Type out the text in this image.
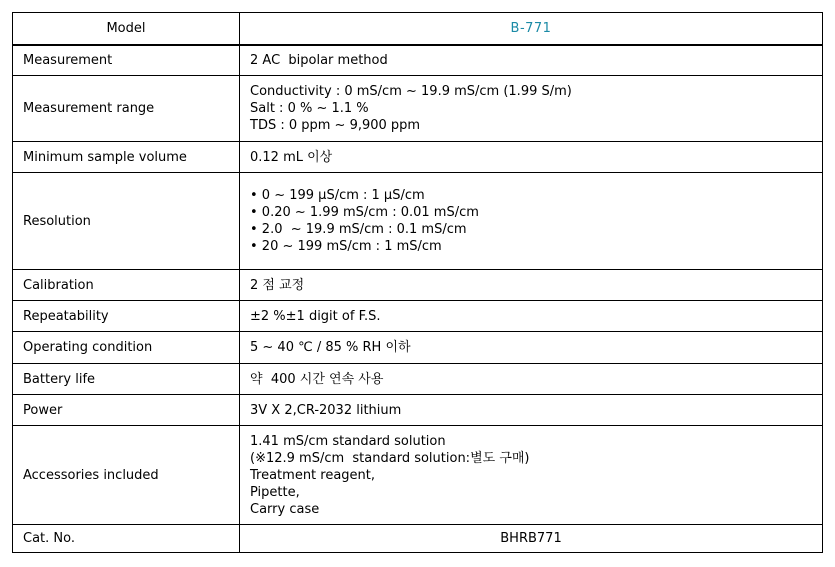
Model	B-771
Measurement	2 AC  bipolar method

Measurement range	Conductivity : 0 mS/cm ~ 19.9 mS/cm (1.99 S/m)
Salt : 0 % ~ 1.1 %
TDS : 0 ppm ~ 9,900 ppm

Minimum sample volume	0.12 mL 이상

Resolution	• 0 ~ 199 μS/cm : 1 μS/cm
• 0.20 ~ 1.99 mS/cm : 0.01 mS/cm
• 2.0  ~ 19.9 mS/cm : 0.1 mS/cm
• 20 ~ 199 mS/cm : 1 mS/cm

Calibration	2 점 교정

Repeatability	±2 %±1 digit of F.S.

Operating condition	5 ~ 40 ℃ / 85 % RH 이하

Battery life	약  400 시간 연속 사용

Power	3V X 2,CR-2032 lithium

Accessories included	1.41 mS/cm standard solution
(※12.9 mS/cm  standard solution:별도 구매)
Treatment reagent,
Pipette,
Carry case

Cat. No.	BHRB771
